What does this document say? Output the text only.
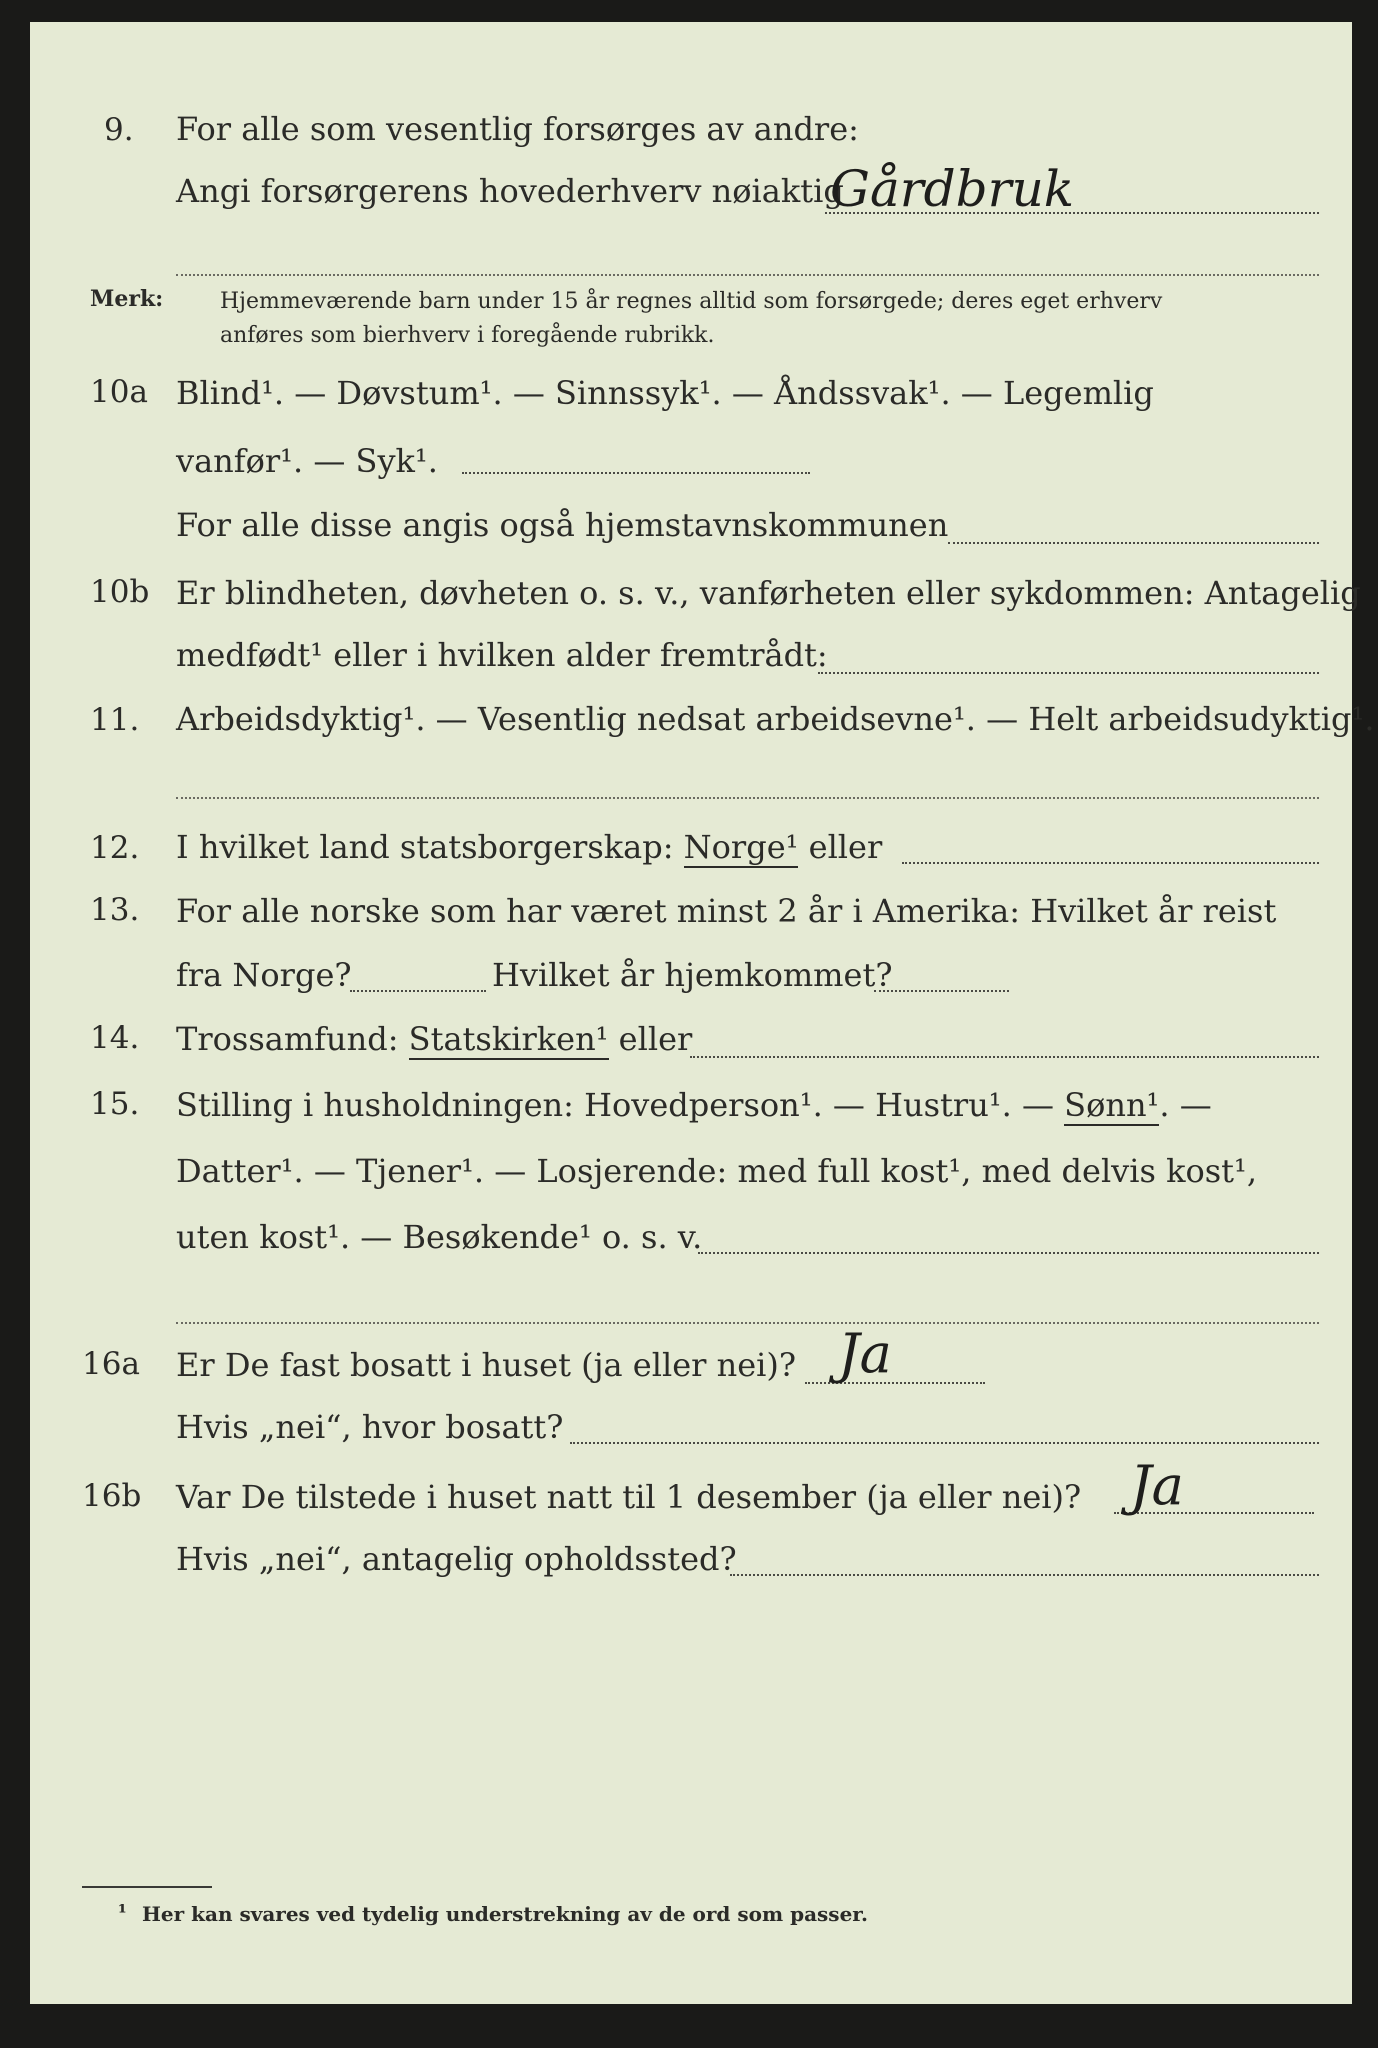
9. For alle som vesentlig forsørges av andre:
Angi forsørgerens hovederhverv nøiaktig
Gårdbruk
Merk:	Hjemmeværende barn under 15 år regnes alltid som forsørgede; deres eget erhverv
anføres som bierhverv i foregående rubrikk.
10a Blind¹. — Døvstum¹. — Sinnssyk¹. — Åndssvak¹. — Legemlig
vanfør¹. — Syk¹.
For alle disse angis også hjemstavnskommunen
10b Er blindheten, døvheten o. s. v., vanførheten eller sykdommen: Antagelig
medfødt¹ eller i hvilken alder fremtrådt:
11. Arbeidsdyktig¹. — Vesentlig nedsat arbeidsevne¹. — Helt arbeidsudyktig¹.
12. I hvilket land statsborgerskap: Norge¹ eller
13. For alle norske som har været minst 2 år i Amerika: Hvilket år reist
fra Norge?	Hvilket år hjemkommet?
14. Trossamfund: Statskirken¹ eller
15. Stilling i husholdningen: Hovedperson¹. — Hustru¹. — Sønn¹. —
Datter¹. — Tjener¹. — Losjerende: med full kost¹, med delvis kost¹,
uten kost¹. — Besøkende¹ o. s. v.
16a Er De fast bosatt i huset (ja eller nei)? Ja
Hvis „nei“, hvor bosatt?
16b Var De tilstede i huset natt til 1 desember (ja eller nei)? Ja
Hvis „nei“, antagelig opholdssted?
¹ Her kan svares ved tydelig understrekning av de ord som passer.
